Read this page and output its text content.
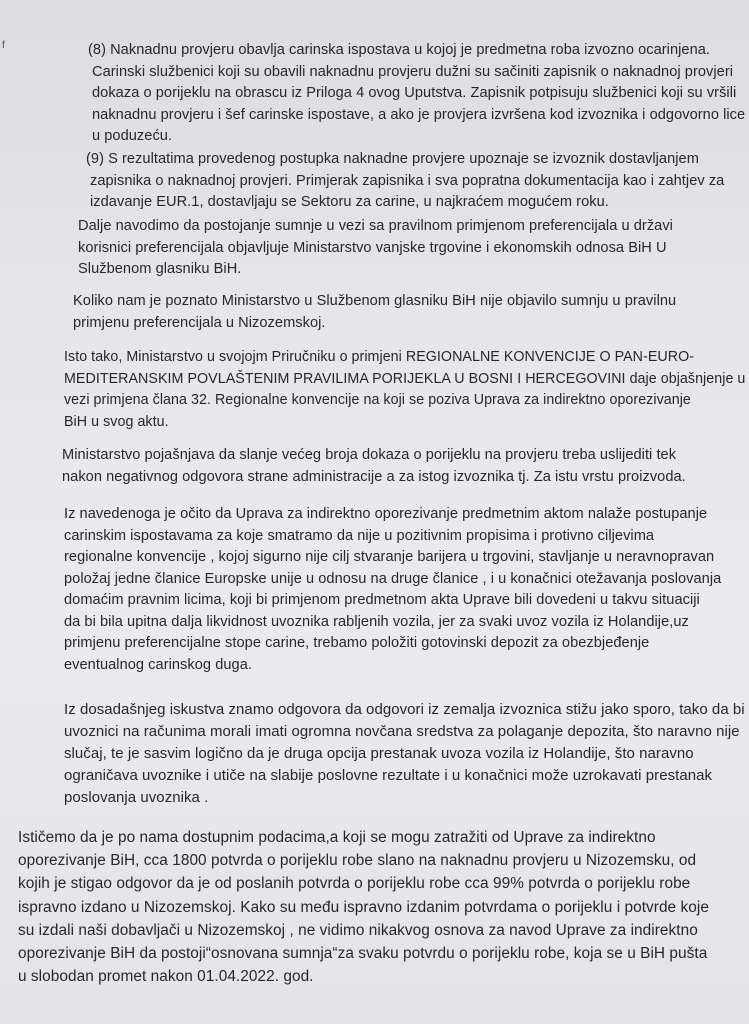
f	(8) Naknadnu provjeru obavlja carinska ispostava u kojoj je predmetna roba izvozno ocarinjena.
Carinski službenici koji su obavili naknadnu provjeru dužni su sačiniti zapisnik o naknadnoj provjeri
dokaza o porijeklu na obrascu iz Priloga 4 ovog Uputstva. Zapisnik potpisuju službenici koji su vršili
naknadnu provjeru i šef carinske ispostave, a ako je provjera izvršena kod izvoznika i odgovorno lice
u poduzeću.
(9) S rezultatima provedenog postupka naknadne provjere upoznaje se izvoznik dostavljanjem
zapisnika o naknadnoj provjeri. Primjerak zapisnika i sva popratna dokumentacija kao i zahtjev za
izdavanje EUR.1, dostavljaju se Sektoru za carine, u najkraćem mogućem roku.
Dalje navodimo da postojanje sumnje u vezi sa pravilnom primjenom preferencijala u državi
korisnici preferencijala objavljuje Ministarstvo vanjske trgovine i ekonomskih odnosa BiH U
Službenom glasniku BiH.
Koliko nam je poznato Ministarstvo u Službenom glasniku BiH nije objavilo sumnju u pravilnu
primjenu preferencijala u Nizozemskoj.
Isto tako, Ministarstvo u svojojm Priručniku o primjeni REGIONALNE KONVENCIJE O PAN-EURO-
MEDITERANSKIM POVLAŠTENIM PRAVILIMA PORIJEKLA U BOSNI I HERCEGOVINI daje objašnjenje u
vezi primjena člana 32. Regionalne konvencije na koji se poziva Uprava za indirektno oporezivanje
BiH u svog aktu.
Ministarstvo pojašnjava da slanje većeg broja dokaza o porijeklu na provjeru treba uslijediti tek
nakon negativnog odgovora strane administracije a za istog izvoznika tj. Za istu vrstu proizvoda.
Iz navedenoga je očito da Uprava za indirektno oporezivanje predmetnim aktom nalaže postupanje
carinskim ispostavama za koje smatramo da nije u pozitivnim propisima i protivno ciljevima
regionalne konvencije , kojoj sigurno nije cilj stvaranje barijera u trgovini, stavljanje u neravnopravan
položaj jedne članice Europske unije u odnosu na druge članice , i u konačnici otežavanja poslovanja
domaćim pravnim licima, koji bi primjenom predmetnom akta Uprave bili dovedeni u takvu situaciji
da bi bila upitna dalja likvidnost uvoznika rabljenih vozila, jer za svaki uvoz vozila iz Holandije,uz
primjenu preferencijalne stope carine, trebamo položiti gotovinski depozit za obezbjeđenje
eventualnog carinskog duga.
Iz dosadašnjeg iskustva znamo odgovora da odgovori iz zemalja izvoznica stižu jako sporo, tako da bi
uvoznici na računima morali imati ogromna novčana sredstva za polaganje depozita, što naravno nije
slučaj, te je sasvim logično da je druga opcija prestanak uvoza vozila iz Holandije, što naravno
ograničava uvoznike i utiče na slabije poslovne rezultate i u konačnici može uzrokavati prestanak
poslovanja uvoznika .
Ističemo da je po nama dostupnim podacima,a koji se mogu zatražiti od Uprave za indirektno
oporezivanje BiH, cca 1800 potvrda o porijeklu robe slano na naknadnu provjeru u Nizozemsku, od
kojih je stigao odgovor da je od poslanih potvrda o porijeklu robe cca 99% potvrda o porijeklu robe
ispravno izdano u Nizozemskoj. Kako su među ispravno izdanim potvrdama o porijeklu i potvrde koje
su izdali naši dobavljači u Nizozemskoj , ne vidimo nikakvog osnova za navod Uprave za indirektno
oporezivanje BiH da postoji“osnovana sumnja“za svaku potvrdu o porijeklu robe, koja se u BiH pušta
u slobodan promet nakon 01.04.2022. god.
